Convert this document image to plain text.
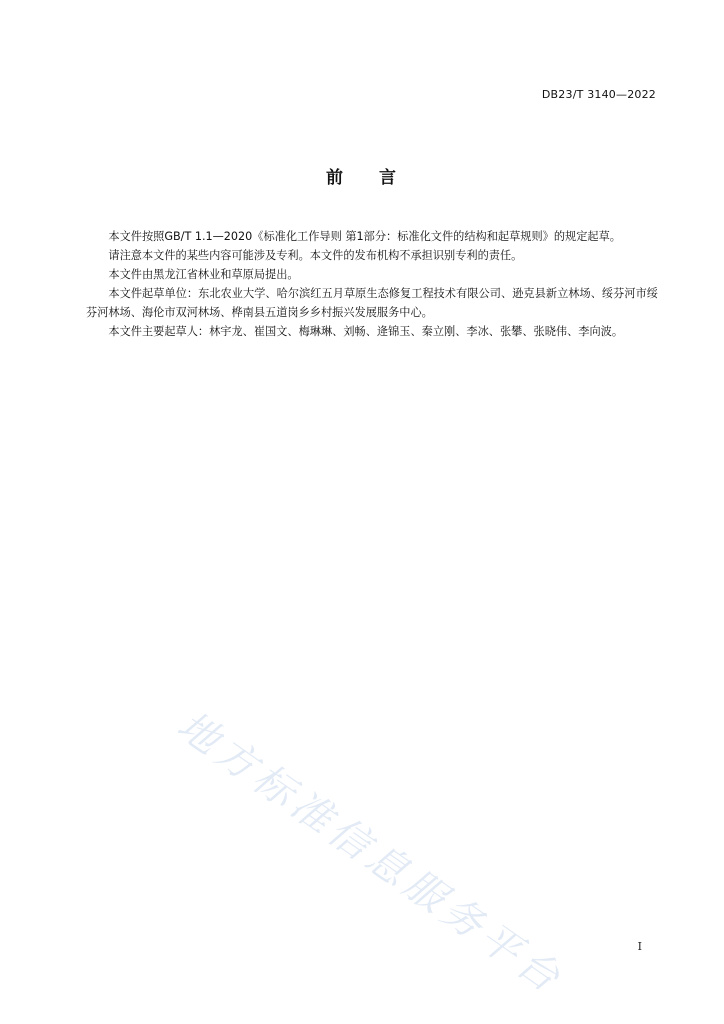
DB23/T 3140—2022
前 言

本文件按照GB/T 1.1—2020《标准化工作导则 第1部分：标准化文件的结构和起草规则》的规定起草。

请注意本文件的某些内容可能涉及专利。本文件的发布机构不承担识别专利的责任。

本文件由黑龙江省林业和草原局提出。

本文件起草单位：东北农业大学、哈尔滨红五月草原生态修复工程技术有限公司、逊克县新立林场、绥芬河市绥芬河林场、海伦市双河林场、桦南县五道岗乡乡村振兴发展服务中心。

本文件主要起草人：林宇龙、崔国文、梅琳琳、刘畅、逄锦玉、秦立刚、李冰、张攀、张晓伟、李向波。

地方标准信息服务平台	I
